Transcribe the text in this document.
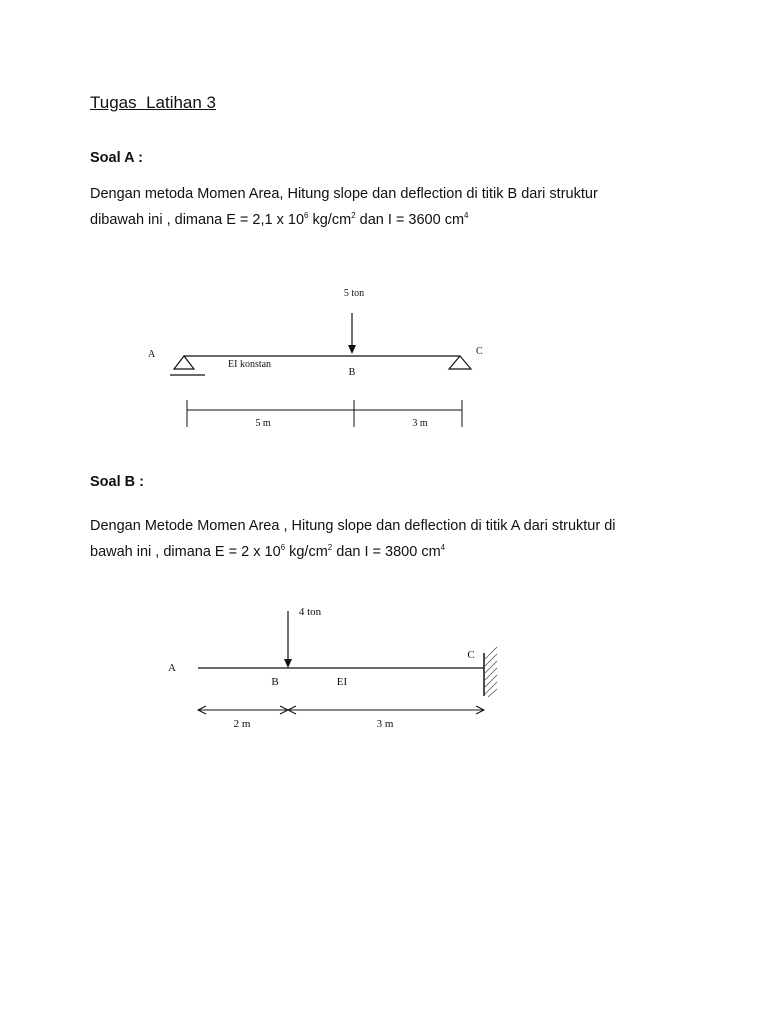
Tugas  Latihan 3
Soal A :
Dengan metoda Momen Area, Hitung slope dan deflection di titik B dari struktur
dibawah ini , dimana E = 2,1 x $10^6$ $kg/cm^2$ dan I = 3600 $cm^4$
5 ton
A	C
B
EI konstan
5 m	3 m
4 ton
A
C
B	EI
2 m	3 m
Soal B :
Dengan Metode Momen Area , Hitung slope dan deflection di titik A dari struktur di
bawah ini , dimana E = 2 x $10^6$ $kg/cm^2$ dan I = 3800 $cm^4$
